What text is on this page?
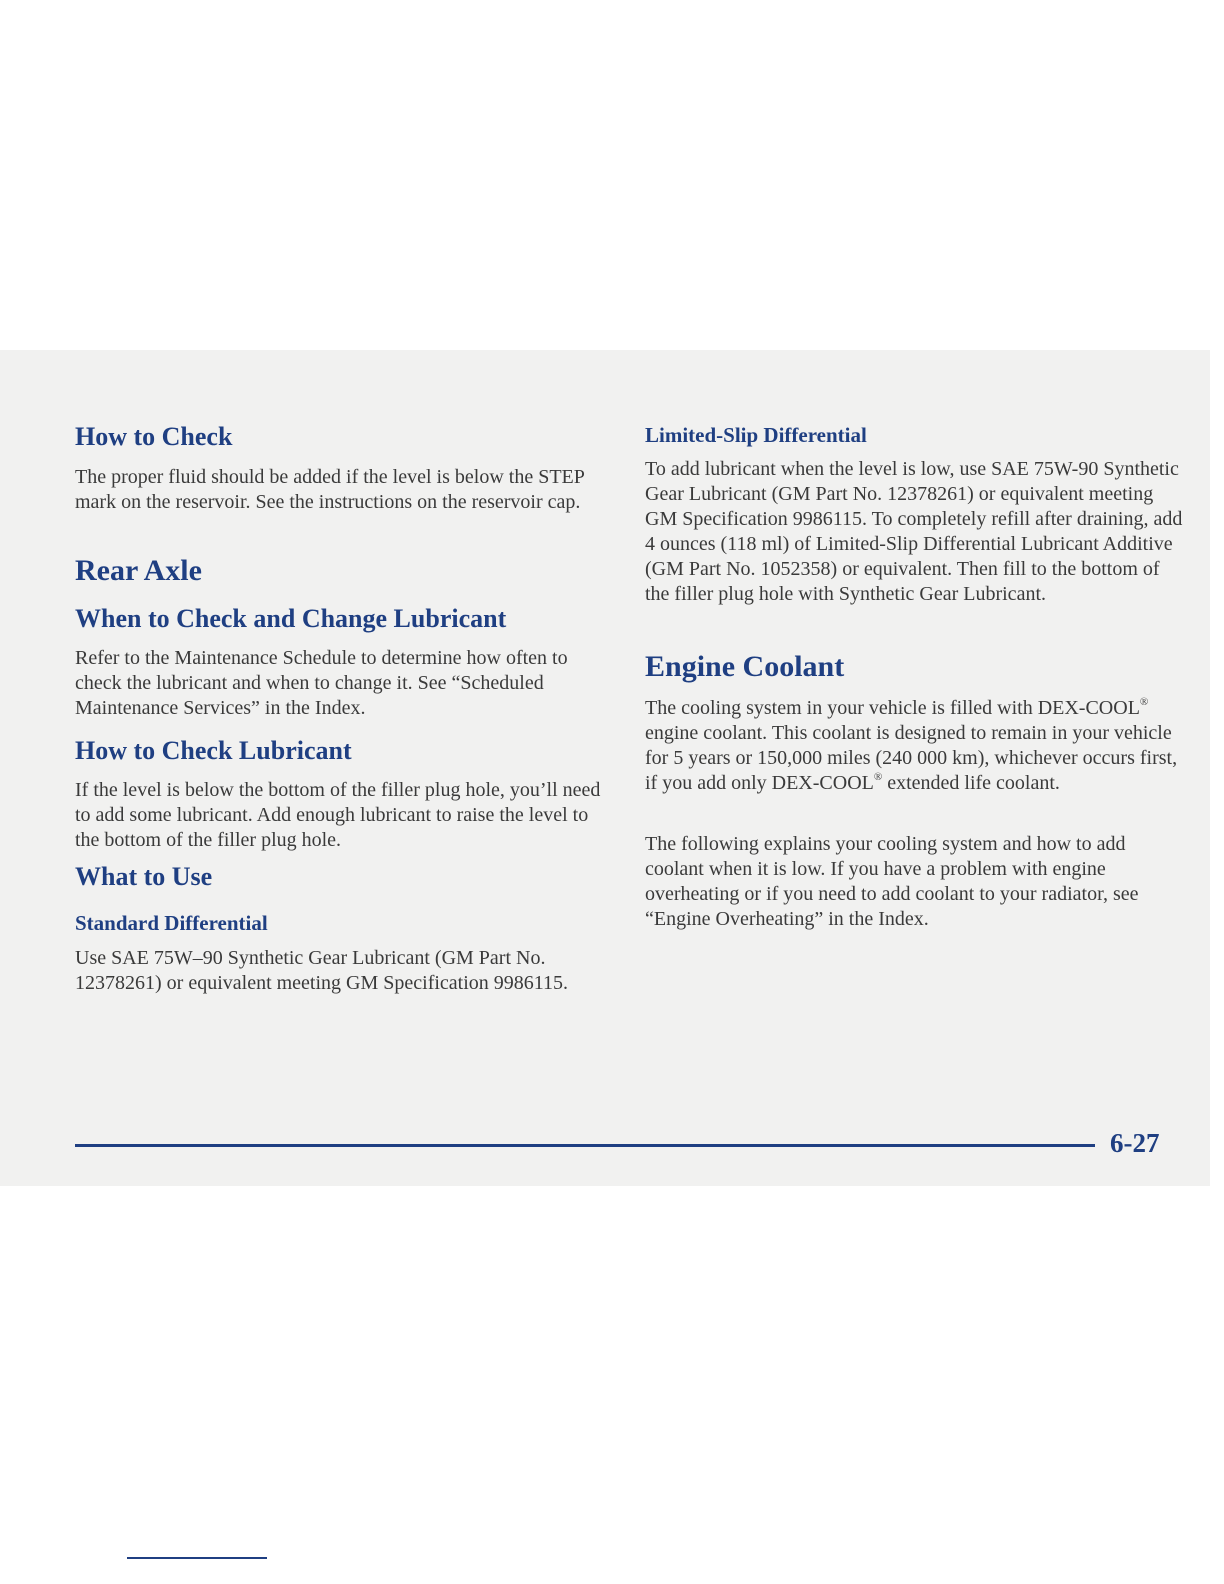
How to Check

The proper fluid should be added if the level is below the STEP mark on the reservoir. See the instructions on the reservoir cap.

Rear Axle
When to Check and Change Lubricant

Refer to the Maintenance Schedule to determine how often to check the lubricant and when to change it. See “Scheduled Maintenance Services” in the Index.

How to Check Lubricant

If the level is below the bottom of the filler plug hole, you’ll need to add some lubricant. Add enough lubricant to raise the level to the bottom of the filler plug hole.

What to Use
Standard Differential

Use SAE 75W–90 Synthetic Gear Lubricant (GM Part No. 12378261) or equivalent meeting GM Specification 9986115.

Limited-Slip Differential

To add lubricant when the level is low, use SAE 75W-90 Synthetic Gear Lubricant (GM Part No. 12378261) or equivalent meeting GM Specification 9986115. To completely refill after draining, add 4 ounces (118 ml) of Limited-Slip Differential Lubricant Additive (GM Part No. 1052358) or equivalent. Then fill to the bottom of the filler plug hole with Synthetic Gear Lubricant.

Engine Coolant

The cooling system in your vehicle is filled with DEX-COOL® engine coolant. This coolant is designed to remain in your vehicle for 5 years or 150,000 miles (240 000 km), whichever occurs first, if you add only DEX-COOL® extended life coolant.

The following explains your cooling system and how to add coolant when it is low. If you have a problem with engine overheating or if you need to add coolant to your radiator, see “Engine Overheating” in the Index.

6-27
